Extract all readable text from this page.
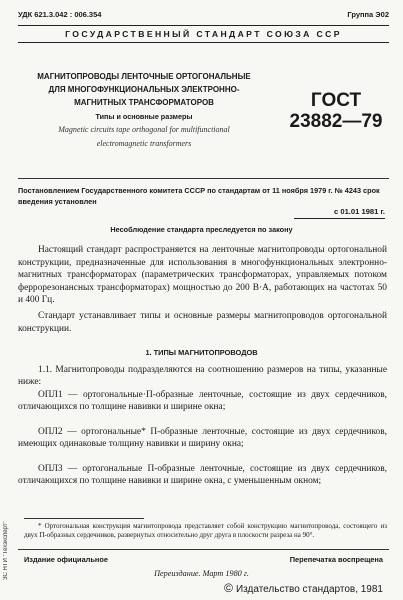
УДК 621.3.042 : 006.354	Группа Э02
ГОСУДАРСТВЕННЫЙ СТАНДАРТ СОЮЗА ССР
МАГНИТОПРОВОДЫ ЛЕНТОЧНЫЕ ОРТОГОНАЛЬНЫЕ
ДЛЯ МНОГОФУНКЦИОНАЛЬНЫХ ЭЛЕКТРОННО-
МАГНИТНЫХ ТРАНСФОРМАТОРОВ
Типы и основные размеры
Magnetic circuits tape orthogonal for multifunctional
electromagnetic transformers
ГОСТ
23882—79
Постановлением Государственного комитета СССР по стандартам от 11 ноября 1979 г. № 4243 срок введения установлен
с 01.01 1981 г.
Несоблюдение стандарта преследуется по закону

Настоящий стандарт распространяется на ленточные магнитопроводы ортогональной конструкции, предназначенные для использования в многофункциональных электронно-магнитных трансформаторах (параметрических трансформаторах, управляемых потоком феррорезонансных трансформаторах) мощностью до 200 В·А, работающих на частотах 50 и 400 Гц.

Стандарт устанавливает типы и основные размеры магнитопроводов ортогональной конструкции.

1. ТИПЫ МАГНИТОПРОВОДОВ

1.1. Магнитопроводы подразделяются на соотношению размеров на типы, указанные ниже:

ОПЛ1 — ортогональные·П-образные ленточные, состоящие из двух сердечников, отличающихся по толщине навивки и ширине окна;

ОПЛ2 — ортогональные* П-образные ленточные, состоящие из двух сердечников, имеющих одинаковые толщину навивки и ширину окна;

ОПЛ3 — ортогональные П-образные ленточные, состоящие из двух сердечников, отличающихся по толщине навивки и ширине окна, с уменьшенным окном;

* Ортогональная конструкция магнитопровода представляет собой конструкцию магнитопровода, состоящего из двух П-образных сердечников, развернутых относительно друг друга в плоскости разреза на 90°.

ЗС НТИ "Техэксперт"	Издание официальное	Перепечатка воспрещена
Переиздание. Март 1980 г.
© Издательство стандартов, 1981
